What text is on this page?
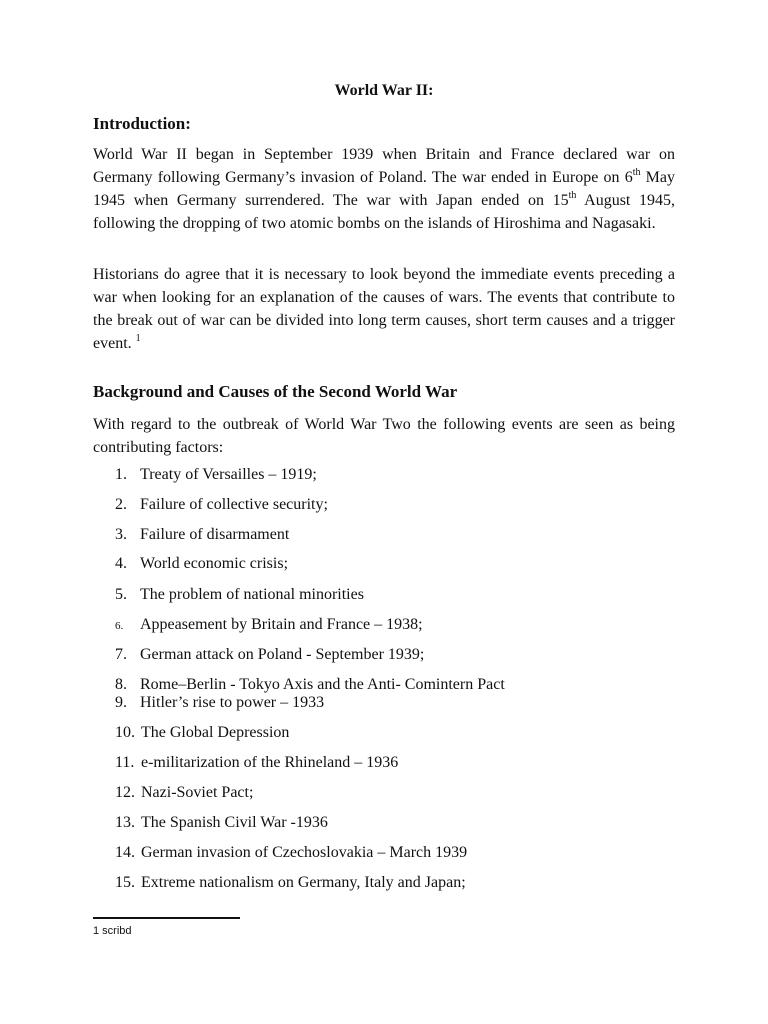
World War II:
Introduction:

World War II began in September 1939 when Britain and France declared war on Germany following Germany’s invasion of Poland. The war ended in Europe on 6th May 1945 when Germany surrendered. The war with Japan ended on 15th August 1945, following the dropping of two atomic bombs on the islands of Hiroshima and Nagasaki.

Historians do agree that it is necessary to look beyond the immediate events preceding a war when looking for an explanation of the causes of wars. The events that contribute to the break out of war can be divided into long term causes, short term causes and a trigger event. $^1$

Background and Causes of the Second World War

With regard to the outbreak of World War Two the following events are seen as being contributing factors:

1. Treaty of Versailles – 1919;
2. Failure of collective security;
3. Failure of disarmament
4. World economic crisis;
5. The problem of national minorities
6. Appeasement by Britain and France – 1938;
7. German attack on Poland - September 1939;
8. Rome–Berlin - Tokyo Axis and the Anti- Comintern Pact
9. Hitler’s rise to power – 1933
10. The Global Depression
11. e-militarization of the Rhineland – 1936
12. Nazi-Soviet Pact;
13. The Spanish Civil War -1936
14. German invasion of Czechoslovakia – March 1939
15. Extreme nationalism on Germany, Italy and Japan;
1 scribd
